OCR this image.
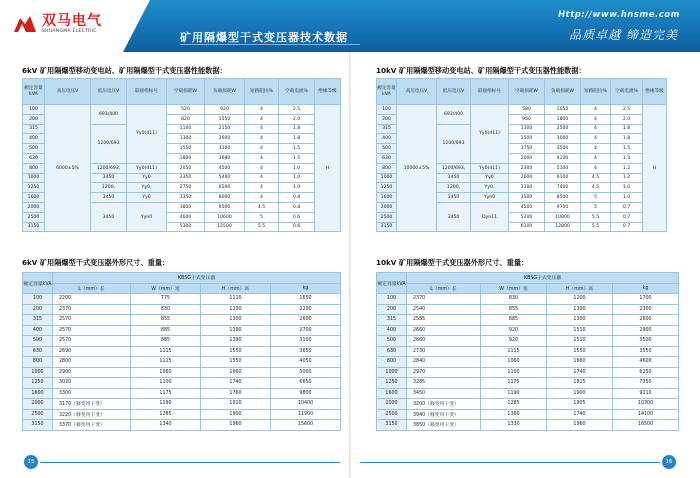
双马电气
SHUANGMA ELECTRIC	矿用隔爆型干式变压器技术数据
Http://www.hnsme.com
品质卓越 缔造完美
6kV 矿用隔爆型移动变电站、矿用隔爆型干式变压器性能数据：
额定容量kVA	高压电压V	低压电压V	联接组标号	空载损耗W	负载损耗W	短路阻抗%	空载电流%	绝缘等级
100	6000±5%	693/400	Yy0(d11)	520	920	4	2.5	H
200				820	1550	4	2.0	
315		1200/693		1100	2150	4	1.8	
400				1300	2600	4	1.8	
500				1550	3100	4	1.5	
630				1800	3680	4	1.5	
800		1200/693,	Yy0(d11)	2050	4500	4	1.0	
1000		3450	Yy0	2350	5400	4	1.0	
1250		1200,	Yy0,	2750	6500	4	1.0	
1600		3450	Yy0	3350	8000	4	0.8	
2000		3450	Yyn0	3800	9500	4.5	0.8	
2500				4600	10600	5	0.6	
3150				5300	12500	5.5	0.6	
6kV 矿用隔爆型干式变压器外形尺寸、重量：
额定容量kVA	KBSG干式变压器			
	L（mm）长	W（mm）宽	H（mm）高	kg
100	2200	775	1110	1650
200	2370	830	1200	2200
315	2570	855	1300	2600
400	2570	885	1390	2700
500	2570	885	1390	3100
630	2690	1115	1550	3650
800	2800	1115	1550	4050
1000	2900	1060	1660	5000
1250	3020	1100	1740	6650
1600	3300	1175	1760	9800
2000	3170（移变用干变）	1190	1910	10400
2500	3220（移变用干变）	1285	1900	11900
3150	3370（移变用干变）	1340	1960	15600
15
10kV 矿用隔爆型移动变电站、矿用隔爆型干式变压器性能数据：
额定容量kVA	高压电压V	低压电压V	联接组标号	空载损耗W	负载损耗W	短路阻抗%	空载电流%	绝缘等级
100	10000±5%	693/400	Yy0(d11)	580	1050	4	2.5	H
200				950	1800	4	2.0	
315		1200/693		1300	2500	4	1.8	
400				1500	3000	4	1.8	
500				1750	3500	4	1.5	
630				2000	4100	4	1.5	
800		1200/693,	Yy0(d11)	2300	5100	4	1.2	
1000		3450	Yy0	2600	6100	4.5	1.2	
1250		1200,	Yy0,	3100	7400	4.5	1.0	
1600		3450	Yyn0	3500	8500	5	1.0	
2000		3450	Dyn11	4500	9700	5	0.7	
2500				5200	10800	5.5	0.7	
3150				6100	12800	5.5	0.7	
10kV 矿用隔爆型干式变压器外形尺寸、重量：
额定容量kVA	KBSG干式变压器			
	L（mm）长	W（mm）宽	H（mm）高	kg
100	2370	830	1200	1700
200	2540	855	1300	2300
315	2585	885	1300	2600
400	2660	920	1510	2900
500	2660	920	1510	3500
630	2730	1115	1550	3550
800	2840	1060	1660	4600
1000	2970	1100	1740	6250
1250	3285	1175	1815	7350
1600	3450	1190	1900	9210
2000	3200（移变用干变）	1285	1905	10300
2500	3940（移变用干变）	1360	1740	14100
3150	3850（移变用干变）	1330	1960	16500
16
